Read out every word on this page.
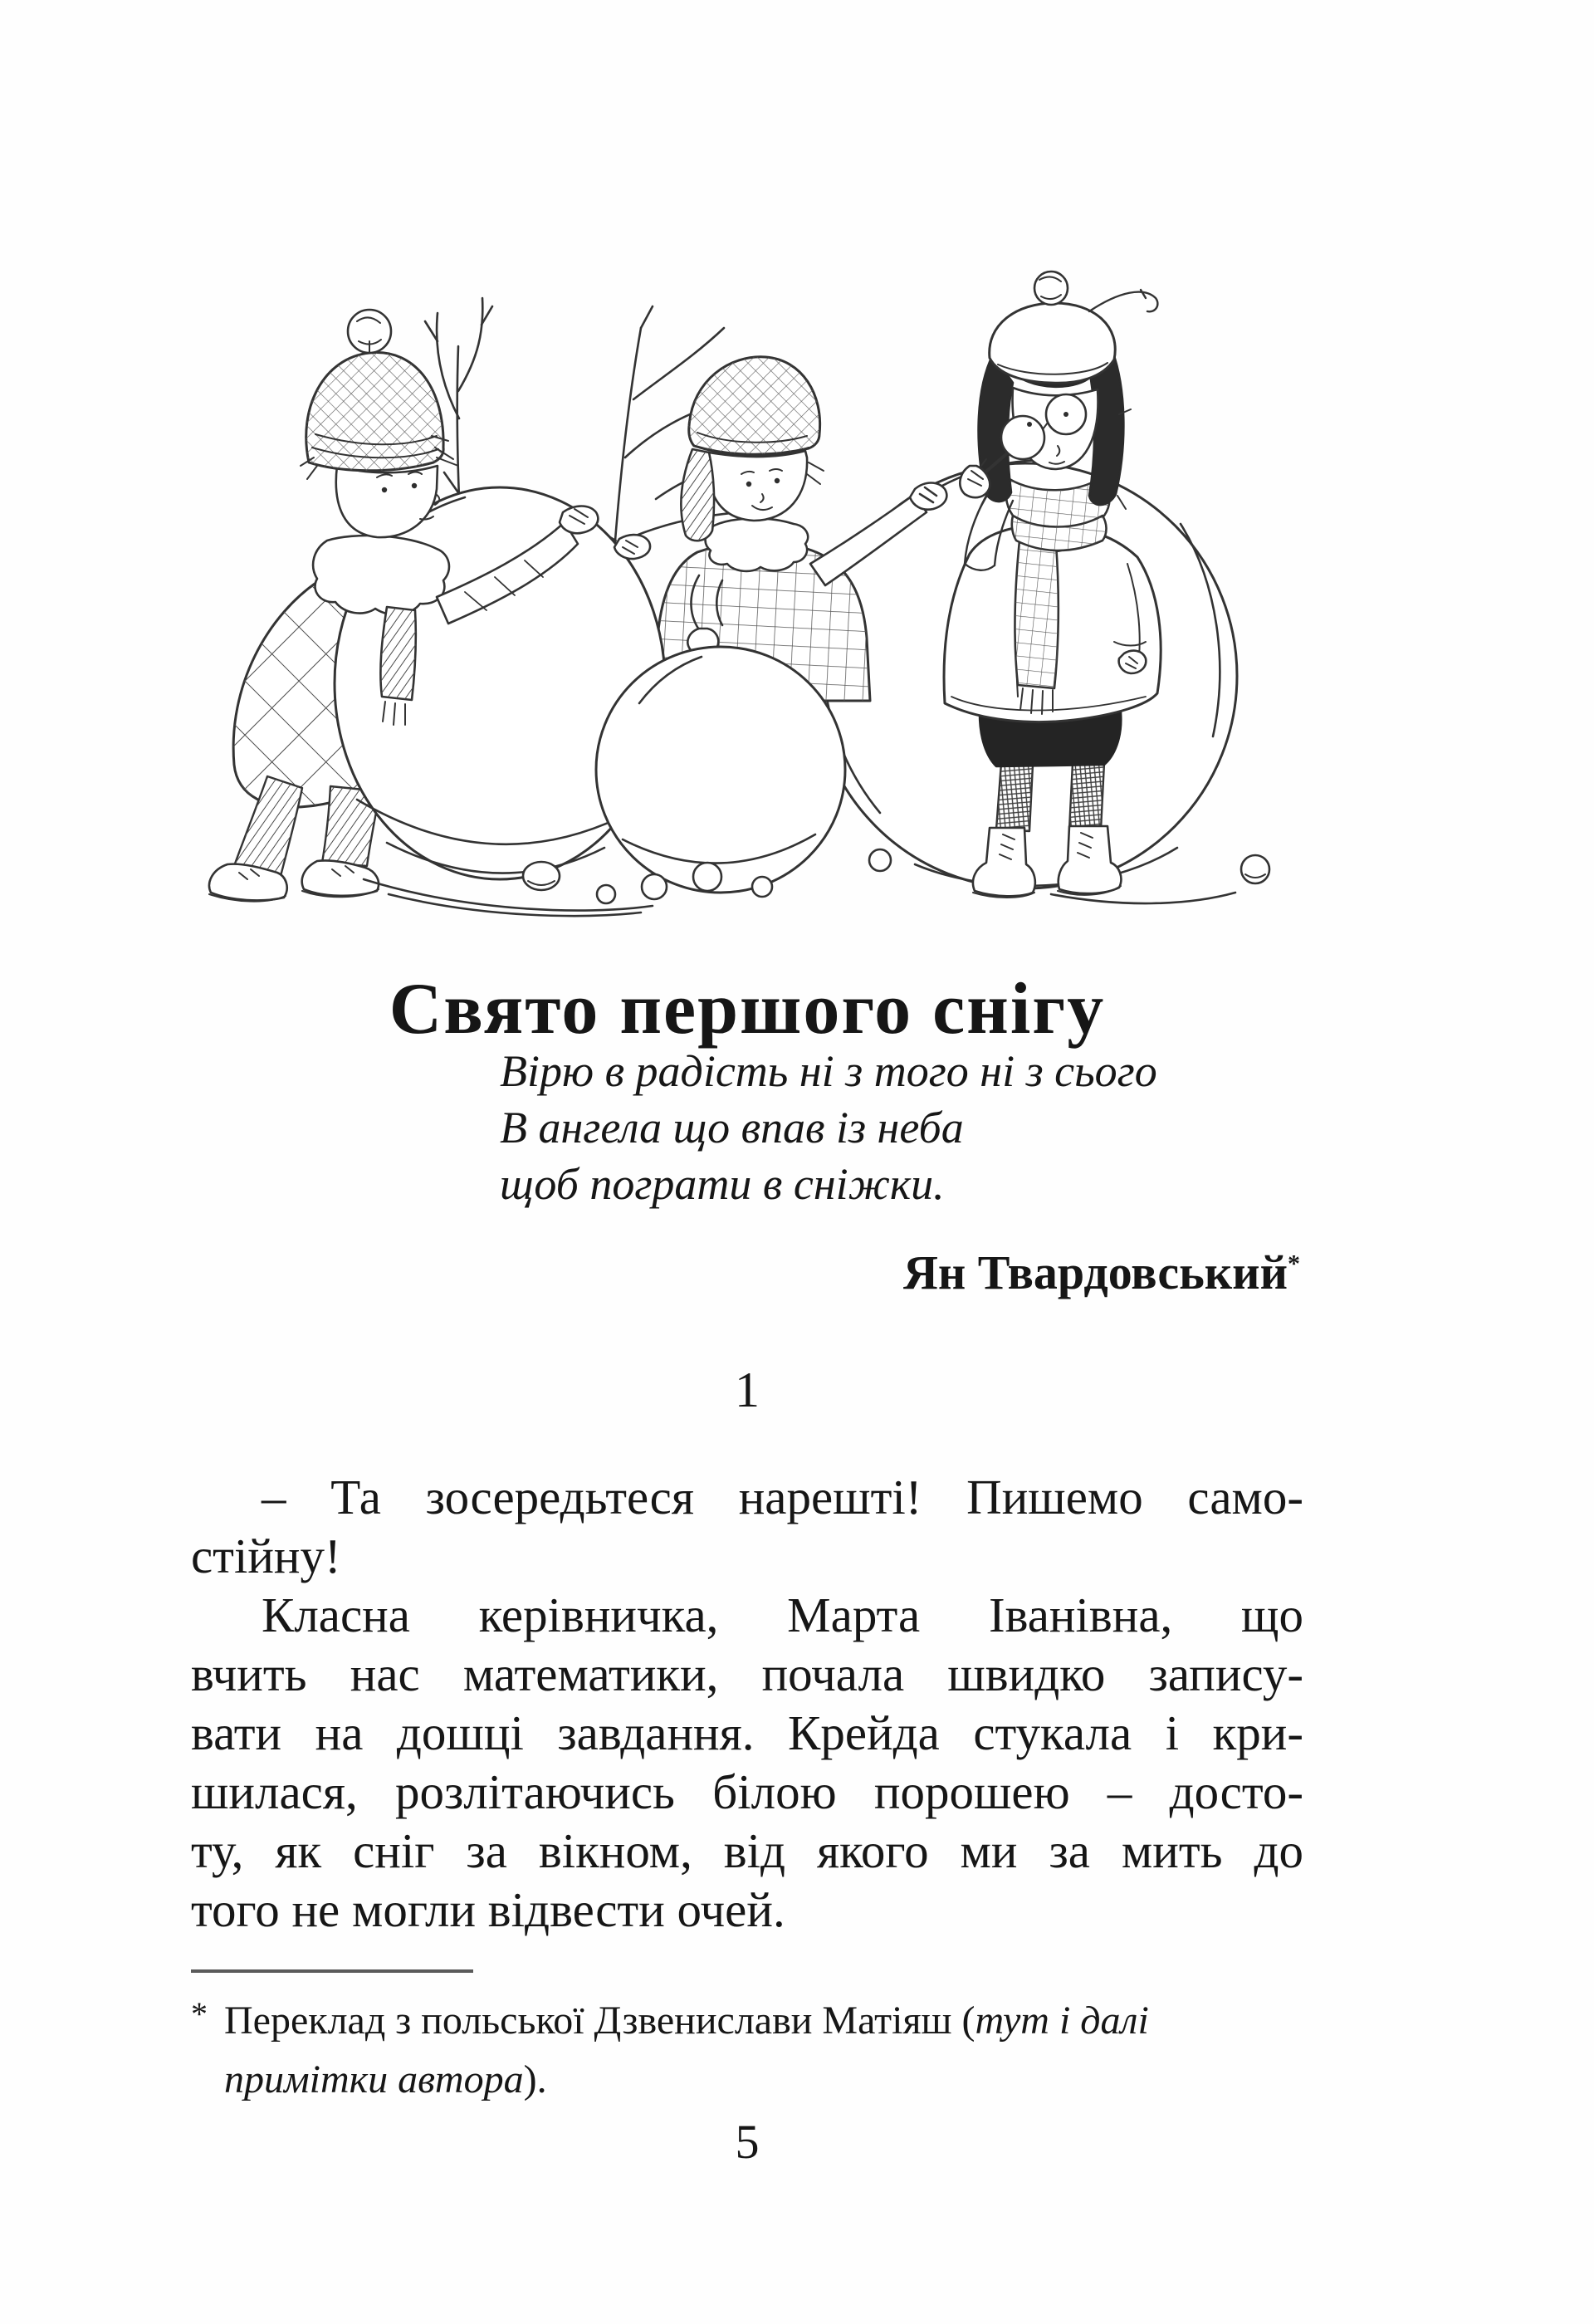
Свято першого снігу
Вірю в радість ні з того ні з сього
В ангела що впав із неба
щоб пограти в сніжки.
Ян Твардовський*
1
– Та зосередьтеся нарешті! Пишемо само-
стійну!
Класна керівничка, Марта Іванівна, що
вчить нас математики, почала швидко запису-
вати на дошці завдання. Крейда стукала і кри-
шилася, розлітаючись білою порошею – досто-
ту, як сніг за вікном, від якого ми за мить до
того не могли відвести очей.
* Переклад з польської Дзвенислави Матіяш (тут і далі
примітки автора).
5
